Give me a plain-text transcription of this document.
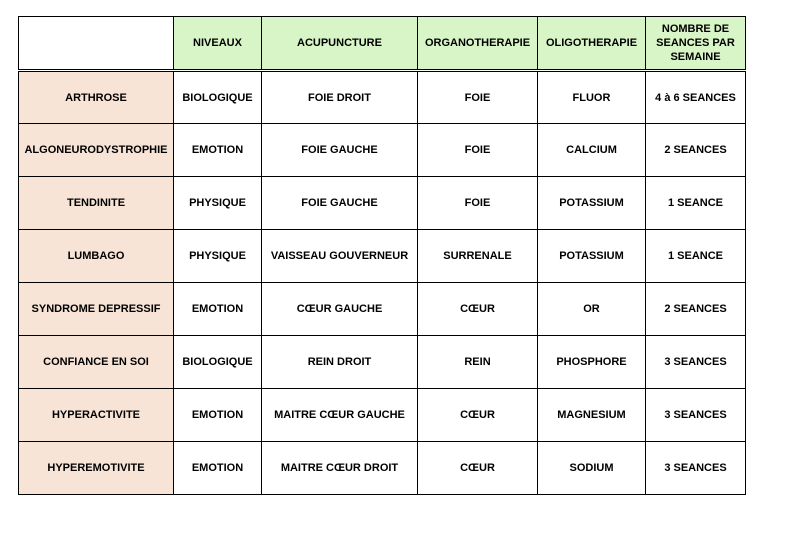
	NIVEAUX	ACUPUNCTURE	ORGANOTHERAPIE	OLIGOTHERAPIE	NOMBRE DE SEANCES PAR SEMAINE
ARTHROSE	BIOLOGIQUE	FOIE DROIT	FOIE	FLUOR	4 à 6 SEANCES
ALGONEURODYSTROPHIE	EMOTION	FOIE GAUCHE	FOIE	CALCIUM	2 SEANCES
TENDINITE	PHYSIQUE	FOIE GAUCHE	FOIE	POTASSIUM	1 SEANCE
LUMBAGO	PHYSIQUE	VAISSEAU GOUVERNEUR	SURRENALE	POTASSIUM	1 SEANCE
SYNDROME DEPRESSIF	EMOTION	CŒUR GAUCHE	CŒUR	OR	2 SEANCES
CONFIANCE EN SOI	BIOLOGIQUE	REIN DROIT	REIN	PHOSPHORE	3 SEANCES
HYPERACTIVITE	EMOTION	MAITRE CŒUR GAUCHE	CŒUR	MAGNESIUM	3 SEANCES
HYPEREMOTIVITE	EMOTION	MAITRE CŒUR DROIT	CŒUR	SODIUM	3 SEANCES
